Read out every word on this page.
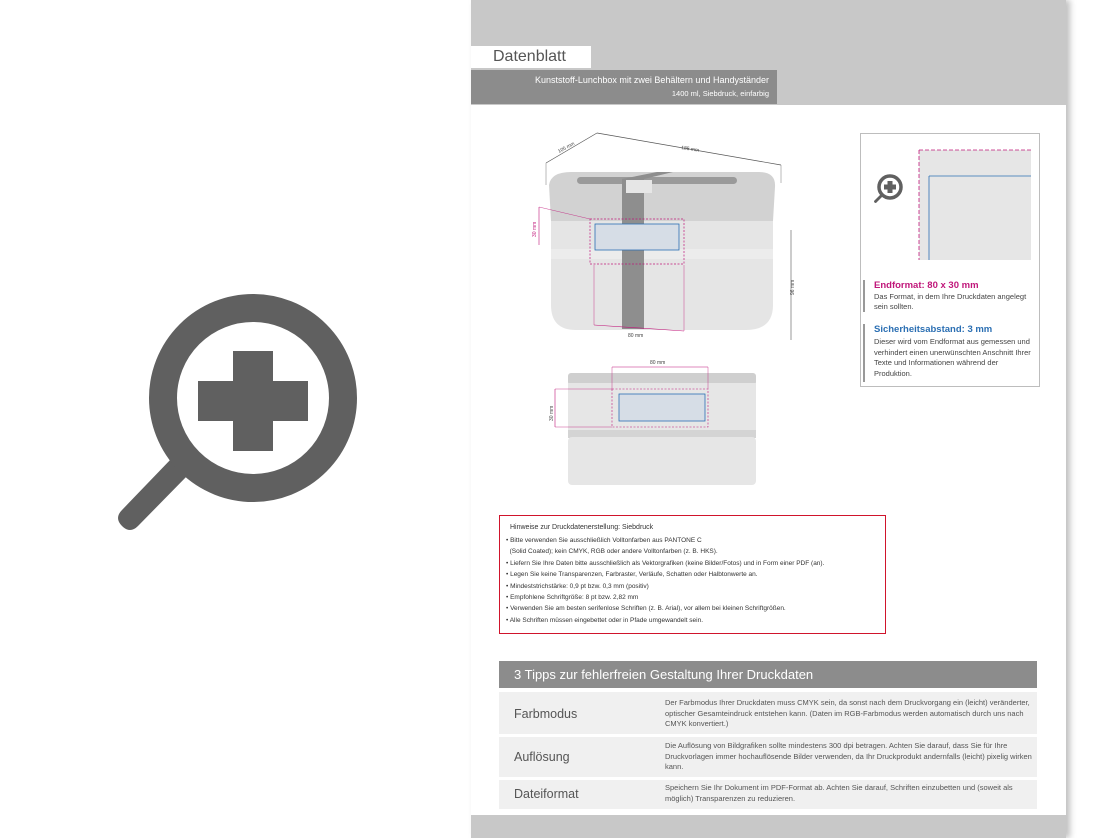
Datenblatt
Kunststoff-Lunchbox mit zwei Behältern und Handyständer
1400 ml, Siebdruck, einfarbig
105 mm	185 mm
30 mm
80 mm
96 mm
80 mm
30 mm
Endformat: 80 x 30 mm
Das Format, in dem Ihre Druckdaten angelegt sein sollten.
Sicherheitsabstand: 3 mm
Dieser wird vom Endformat aus gemessen und verhindert einen unerwünschten Anschnitt Ihrer Texte und Informationen während der Produktion.
Hinweise zur Druckdatenerstellung: Siebdruck
• Bitte verwenden Sie ausschließlich Volltonfarben aus PANTONE C
(Solid Coated); kein CMYK, RGB oder andere Volltonfarben (z. B. HKS).
• Liefern Sie Ihre Daten bitte ausschließlich als Vektorgrafiken (keine Bilder/Fotos) und in Form einer PDF (an).
• Legen Sie keine Transparenzen, Farbraster, Verläufe, Schatten oder Halbtonwerte an.
• Mindeststrichstärke: 0,9 pt bzw. 0,3 mm (positiv)
• Empfohlene Schriftgröße: 8 pt bzw. 2,82 mm
• Verwenden Sie am besten serifenlose Schriften (z. B. Arial), vor allem bei kleinen Schriftgrößen.
• Alle Schriften müssen eingebettet oder in Pfade umgewandelt sein.
3 Tipps zur fehlerfreien Gestaltung Ihrer Druckdaten
Farbmodus
Der Farbmodus Ihrer Druckdaten muss CMYK sein, da sonst nach dem Druckvorgang ein (leicht) veränderter, optischer Gesamteindruck entstehen kann. (Daten im RGB-Farbmodus werden automatisch durch uns nach CMYK konvertiert.)
Auflösung
Die Auflösung von Bildgrafiken sollte mindestens 300 dpi betragen. Achten Sie darauf, dass Sie für Ihre Druckvorlagen immer hochauflösende Bilder verwenden, da Ihr Druckprodukt andernfalls (leicht) pixelig wirken kann.
Dateiformat	Speichern Sie Ihr Dokument im PDF-Format ab. Achten Sie darauf, Schriften einzubetten und (soweit als möglich) Transparenzen zu reduzieren.
